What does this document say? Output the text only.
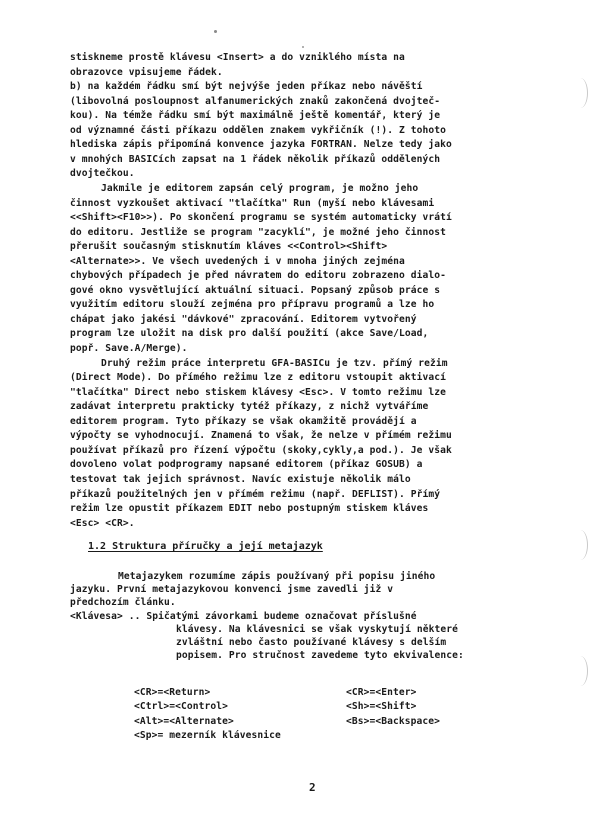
stiskneme prostě klávesu <Insert> a do vzniklého místa na
obrazovce vpisujeme řádek.
b) na každém řádku smí být nejvýše jeden příkaz nebo návěští
(libovolná posloupnost alfanumerických znaků zakončená dvojteč-
kou). Na témže řádku smí být maximálně ještě komentář, který je
od významné části příkazu oddělen znakem vykřičník (!). Z tohoto
hlediska zápis připomíná konvence jazyka FORTRAN. Nelze tedy jako
v mnohých BASICích zapsat na 1 řádek několik příkazů oddělených
dvojtečkou.
Jakmile je editorem zapsán celý program, je možno jeho
činnost vyzkoušet aktivací "tlačítka" Run (myší nebo klávesami
<<Shift><F10>>). Po skončení programu se systém automaticky vrátí
do editoru. Jestliže se program "zacyklí", je možné jeho činnost
přerušit současným stisknutím kláves <<Control><Shift>
<Alternate>>. Ve všech uvedených i v mnoha jiných zejména
chybových případech je před návratem do editoru zobrazeno dialo-
gové okno vysvětlující aktuální situaci. Popsaný způsob práce s
využitím editoru slouží zejména pro přípravu programů a lze ho
chápat jako jakési "dávkové" zpracování. Editorem vytvořený
program lze uložit na disk pro další použití (akce Save/Load,
popř. Save.A/Merge).
Druhý režim práce interpretu GFA-BASICu je tzv. přímý režim
(Direct Mode). Do přímého režimu lze z editoru vstoupit aktivací
"tlačítka" Direct nebo stiskem klávesy <Esc>. V tomto režimu lze
zadávat interpretu prakticky tytéž příkazy, z nichž vytváříme
editorem program. Tyto příkazy se však okamžitě provádějí a
výpočty se vyhodnocují. Znamená to však, že nelze v přímém režimu
používat příkazů pro řízení výpočtu (skoky,cykly,a pod.). Je však
dovoleno volat podprogramy napsané editorem (příkaz GOSUB) a
testovat tak jejich správnost. Navíc existuje několik málo
příkazů použitelných jen v přímém režimu (např. DEFLIST). Přímý
režim lze opustit příkazem EDIT nebo postupným stiskem kláves
<Esc> <CR>.
1.2 Struktura příručky a její metajazyk
Metajazykem rozumíme zápis používaný při popisu jiného
jazyku. První metajazykovou konvenci jsme zavedli již v
předchozím článku.
<Klávesa> .. Spičatými závorkami budeme označovat příslušné
klávesy. Na klávesnici se však vyskytují některé
zvláštní nebo často používané klávesy s delším
popisem. Pro stručnost zavedeme tyto ekvivalence:
<CR>=<Return>	<CR>=<Enter>
<Ctrl>=<Control>	<Sh>=<Shift>
<Alt>=<Alternate>	<Bs>=<Backspace>
<Sp>= mezerník klávesnice
2
